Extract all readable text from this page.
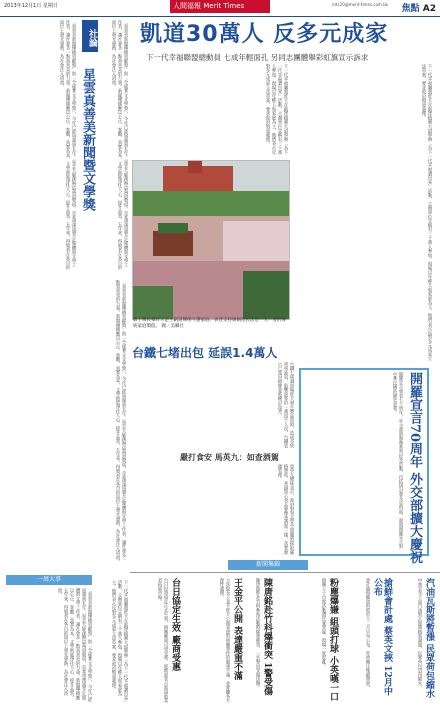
2013年12月1日 星期日	人間福報 Merit Times	mtc20@merit-times.com.tw 焦點 A2
「真善美新聞傳播貢獻獎」與「全球華文文學獎」，今年已經屆滿第五年。星雲大師創辦這兩項獎項，是希望透過肯定媒體與文學工作者，讓社會多一點真善美的力量。新聞傳播應以公正、客觀、真實為本，文學則能淨化人心、提升品質。五年來，得獎者在各自的崗位上發光發熱，為社會注入清流。
「真善美新聞傳播貢獻獎」與「全球華文文學獎」，今年已經屆滿第五年。星雲大師創辦這兩項獎項，是希望透過肯定媒體與文學工作者，讓社會多一點真善美的力量。新聞傳播應以公正、客觀、真實為本，文學則能淨化人心、提升品質。五年來，得獎者在各自的崗位上發光發熱，為社會注入清流。
社論
星雲真善美新聞暨文學獎	「真善美新聞傳播貢獻獎」與「全球華文文學獎」，今年已經屆滿第五年。星雲大師創辦這兩項獎項，是希望透過肯定媒體與文學工作者，讓社會多一點真善美的力量。新聞傳播應以公正、客觀、真實為本，文學則能淨化人心、提升品質。五年來，得獎者在各自的崗位上發光發熱，為社會注入清流。	凱道30萬人 反多元成家
下一代幸福聯盟總動員 七成年輕面孔 另同志團體舉彩虹旗宣示訴求
下一代幸福聯盟昨天在凱達格蘭大道舉辦「為下一代幸福讚出來」活動，主辦單位宣稱有三十萬人參加，現場以年輕人和家庭為主，他們表示反對多元成家立法草案，要求政府慎重處理。	下一代幸福聯盟昨天在凱達格蘭大道舉辦「為下一代幸福讚出來」活動，主辦單位宣稱有三十萬人參加，現場以年輕人和家庭為主，他們表示反對多元成家立法草案，要求政府慎重處理。
數十萬民眾昨天走上凱道聲援守護家庭，表達支持婚姻依民法是一夫一妻的傳統家庭價值。 圖／美聯社
台鐵七堵出包 延誤1.4萬人
台鐵七堵調車場昨天發生號誌故障，造成多班列車延誤，影響旅客約一萬四千人次，台鐵表示已派員搶修並將檢討改善。
嚴打食安 馬英九：如查酒駕
馬英九總統表示，政府對食品安全問題將採取嚴格態度，查緝黑心食品要像查酒駕一樣，落實源頭管理。	開羅宣言70周年 外交部擴大慶祝
開羅宣言發表七十周年，外交部將舉辦系列紀念活動，包括研討會及史料展，說明開羅宣言對中華民國的歷史意義。
「真善美新聞傳播貢獻獎」與「全球華文文學獎」，今年已經屆滿第五年。星雲大師創辦這兩項獎項，是希望透過肯定媒體與文學工作者，讓社會多一點真善美的力量。新聞傳播應以公正、客觀、真實為本，文學則能淨化人心、提升品質。五年來，得獎者在各自的崗位上發光發熱，為社會注入清流。
一周大事
下一代幸福聯盟昨天在凱達格蘭大道舉辦「為下一代幸福讚出來」活動，主辦單位宣稱有三十萬人參加，現場以年輕人和家庭為主，他們表示反對多元成家立法草案，要求政府慎重處理。
新聞集錦
台日協定生效 廠商受惠
台日投資協定正式生效，相關廠商可望受惠，經濟部表示將協助業者拓展市場。	王金平公開 表達嚴重不滿
立法院長王金平昨天公開表達對相關事件的嚴重不滿，並呼籲各方理性處理。	陳唐銘赴竹科爆衝突 1警受傷
陳唐銘昨赴竹科參加活動時爆發衝突，一名警員受傷送醫。	粉塵爆嫌 組頭打球 小英嘆一口
相關人士出席活動遭民眾質疑，現場一度混亂。	搶鮮會計處 蔡英文挾 12月中公布
會計處相關資料將於十二月中旬公布，外界關注後續發展。	汽油瓦斯將暫漲 民眾荷包縮水
中油宣布下周汽油與瓦斯價格將調漲，民眾荷包恐再縮水。
